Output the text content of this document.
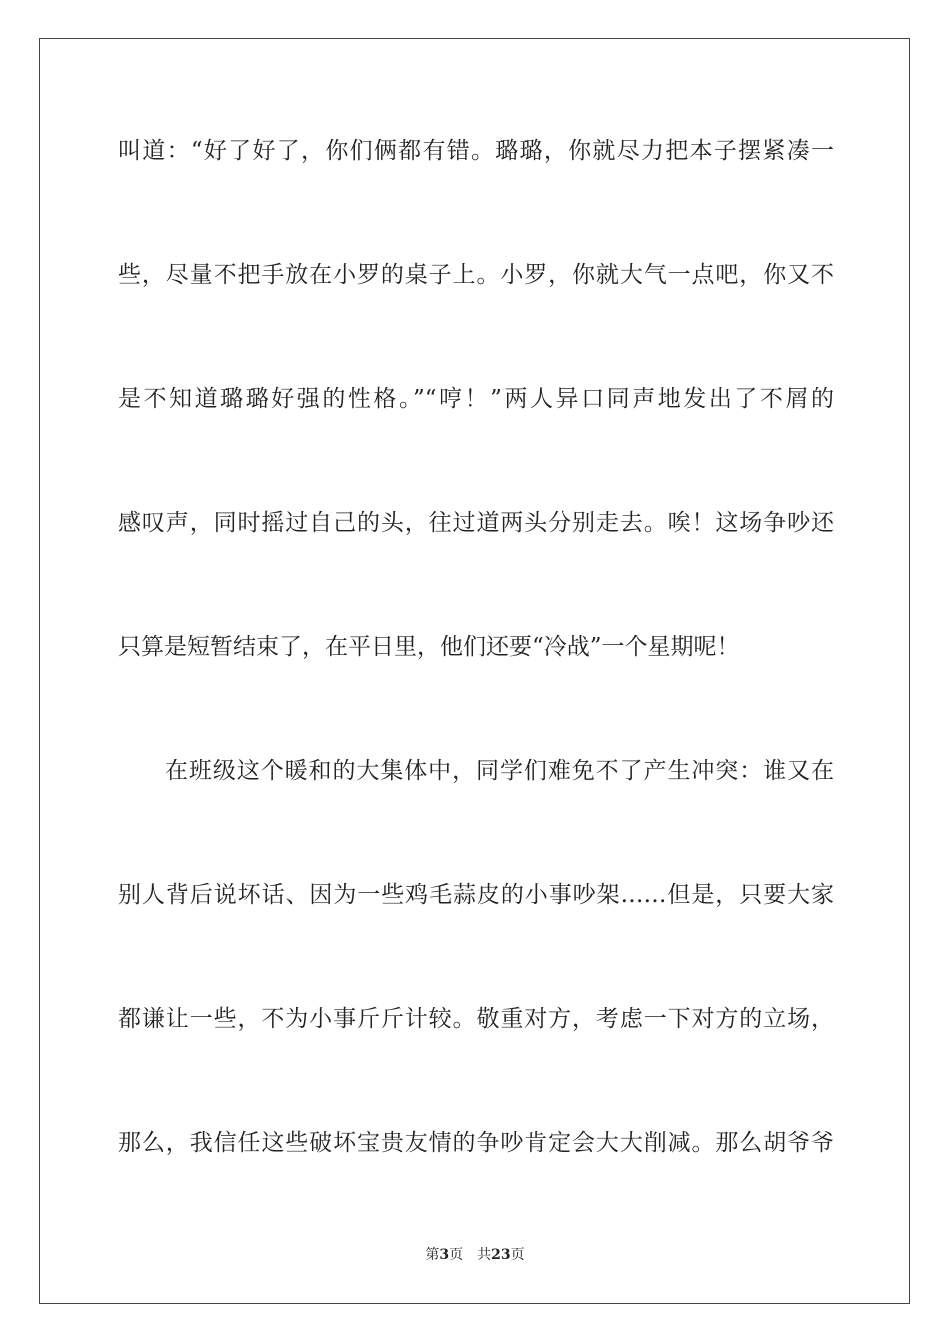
叫道：“好了好了，你们俩都有错。璐璐，你就尽力把本子摆紧凑一
些，尽量不把手放在小罗的桌子上。小罗，你就大气一点吧，你又不
是不知道璐璐好强的性格。”“哼！”两人异口同声地发出了不屑的
感叹声，同时摇过自己的头，往过道两头分别走去。唉！这场争吵还
只算是短暂结束了，在平日里，他们还要“冷战”一个星期呢！
在班级这个暖和的大集体中，同学们难免不了产生冲突：谁又在
别人背后说坏话、因为一些鸡毛蒜皮的小事吵架……但是，只要大家
都谦让一些，不为小事斤斤计较。敬重对方，考虑一下对方的立场，
那么，我信任这些破坏宝贵友情的争吵肯定会大大削减。那么胡爷爷
第3页 共23页
